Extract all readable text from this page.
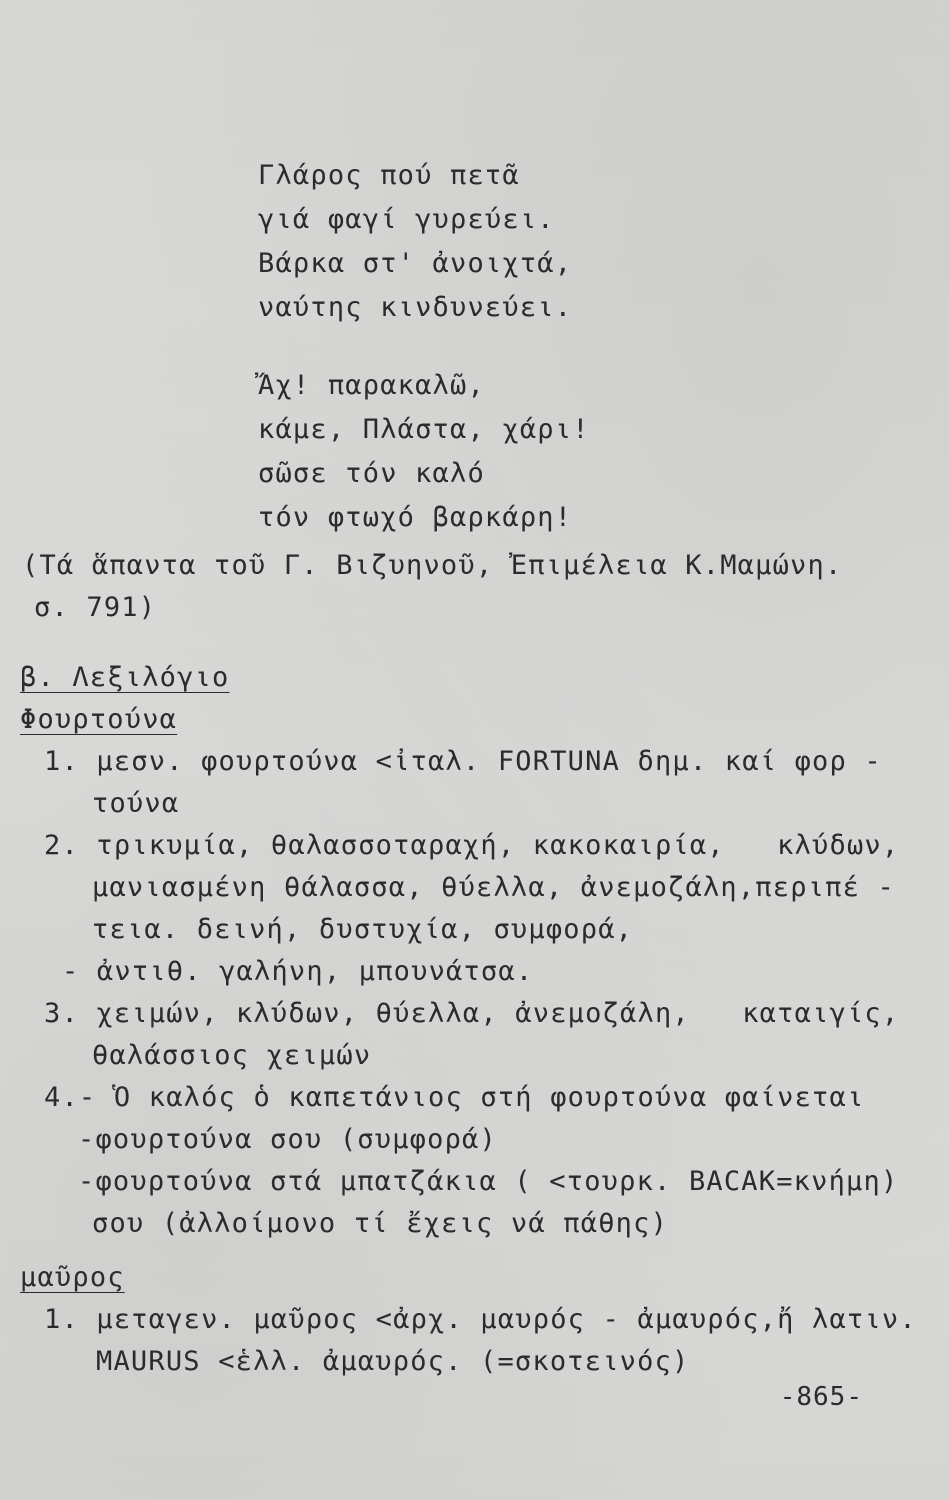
Γλάρος πού πετᾶ
γιά φαγί γυρεύει.
Βάρκα στ' ἀνοιχτά,
ναύτης κινδυνεύει.
Ἄχ! παρακαλῶ,
κάμε, Πλάστα, χάρι!
σῶσε τόν καλό
τόν φτωχό βαρκάρη!
(Τά ἅπαντα τοῦ Γ. Βιζυηνοῦ, Ἐπιμέλεια Κ.Μαμώνη.
σ. 791)
β. Λεξιλόγιο
Φουρτούνα
1. μεσν. φουρτούνα <ἰταλ. FORTUNA δημ. καί φορ -
τούνα
2. τρικυμία, θαλασσοταραχή, κακοκαιρία,   κλύδων,
μανιασμένη θάλασσα, θύελλα, ἀνεμοζάλη,περιπέ -
τεια. δεινή, δυστυχία, συμφορά,
- ἀντιθ. γαλήνη, μπουνάτσα.
3. χειμών, κλύδων, θύελλα, ἀνεμοζάλη,   καταιγίς,
θαλάσσιος χειμών
4.- Ὁ καλός ὁ καπετάνιος στή φουρτούνα φαίνεται
-φουρτούνα σου (συμφορά)
-φουρτούνα στά μπατζάκια ( <τουρκ. BACAK=κνήμη)
σου (ἀλλοίμονο τί ἔχεις νά πάθης)
μαῦρος
1. μεταγεν. μαῦρος <ἀρχ. μαυρός - ἀμαυρός,ἤ λατιν.
MAURUS <ἑλλ. ἀμαυρός. (=σκοτεινός)
-865-
